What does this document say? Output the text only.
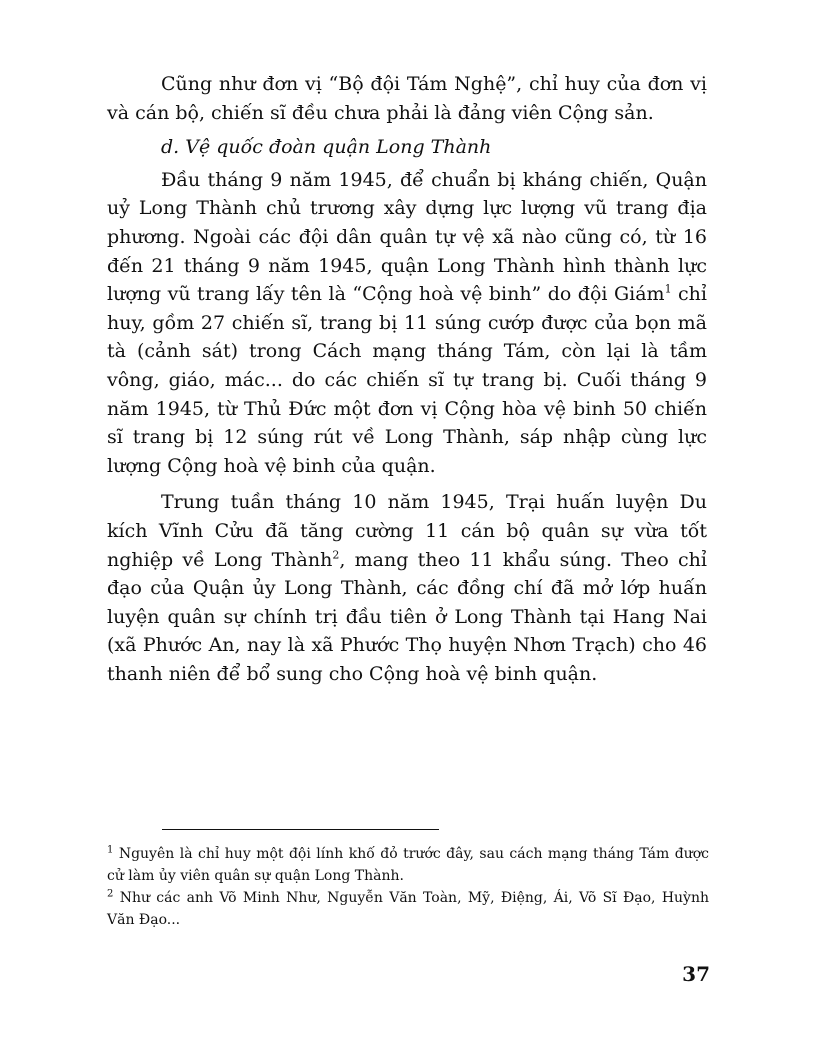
Cũng như đơn vị “Bộ đội Tám Nghệ”, chỉ huy của đơn vị và cán bộ, chiến sĩ đều chưa phải là đảng viên Cộng sản.

d. Vệ quốc đoàn quận Long Thành

Đầu tháng 9 năm 1945, để chuẩn bị kháng chiến, Quận uỷ Long Thành chủ trương xây dựng lực lượng vũ trang địa phương. Ngoài các đội dân quân tự vệ xã nào cũng có, từ 16 đến 21 tháng 9 năm 1945, quận Long Thành hình thành lực lượng vũ trang lấy tên là “Cộng hoà vệ binh” do đội Giám$^1$ chỉ huy, gồm 27 chiến sĩ, trang bị 11 súng cướp được của bọn mã tà (cảnh sát) trong Cách mạng tháng Tám, còn lại là tầm vông, giáo, mác... do các chiến sĩ tự trang bị. Cuối tháng 9 năm 1945, từ Thủ Đức một đơn vị Cộng hòa vệ binh 50 chiến sĩ trang bị 12 súng rút về Long Thành, sáp nhập cùng lực lượng Cộng hoà vệ binh của quận.

Trung tuần tháng 10 năm 1945, Trại huấn luyện Du kích Vĩnh Cửu đã tăng cường 11 cán bộ quân sự vừa tốt nghiệp về Long Thành$^2$, mang theo 11 khẩu súng. Theo chỉ đạo của Quận ủy Long Thành, các đồng chí đã mở lớp huấn luyện quân sự chính trị đầu tiên ở Long Thành tại Hang Nai (xã Phước An, nay là xã Phước Thọ huyện Nhơn Trạch) cho 46 thanh niên để bổ sung cho Cộng hoà vệ binh quận.

$^1$ Nguyên là chỉ huy một đội lính khố đỏ trước đây, sau cách mạng tháng Tám được cử làm ủy viên quân sự quận Long Thành.

$^2$ Như các anh Võ Minh Như, Nguyễn Văn Toàn, Mỹ, Điệng, Ái, Võ Sĩ Đạo, Huỳnh Văn Đạo...

37
